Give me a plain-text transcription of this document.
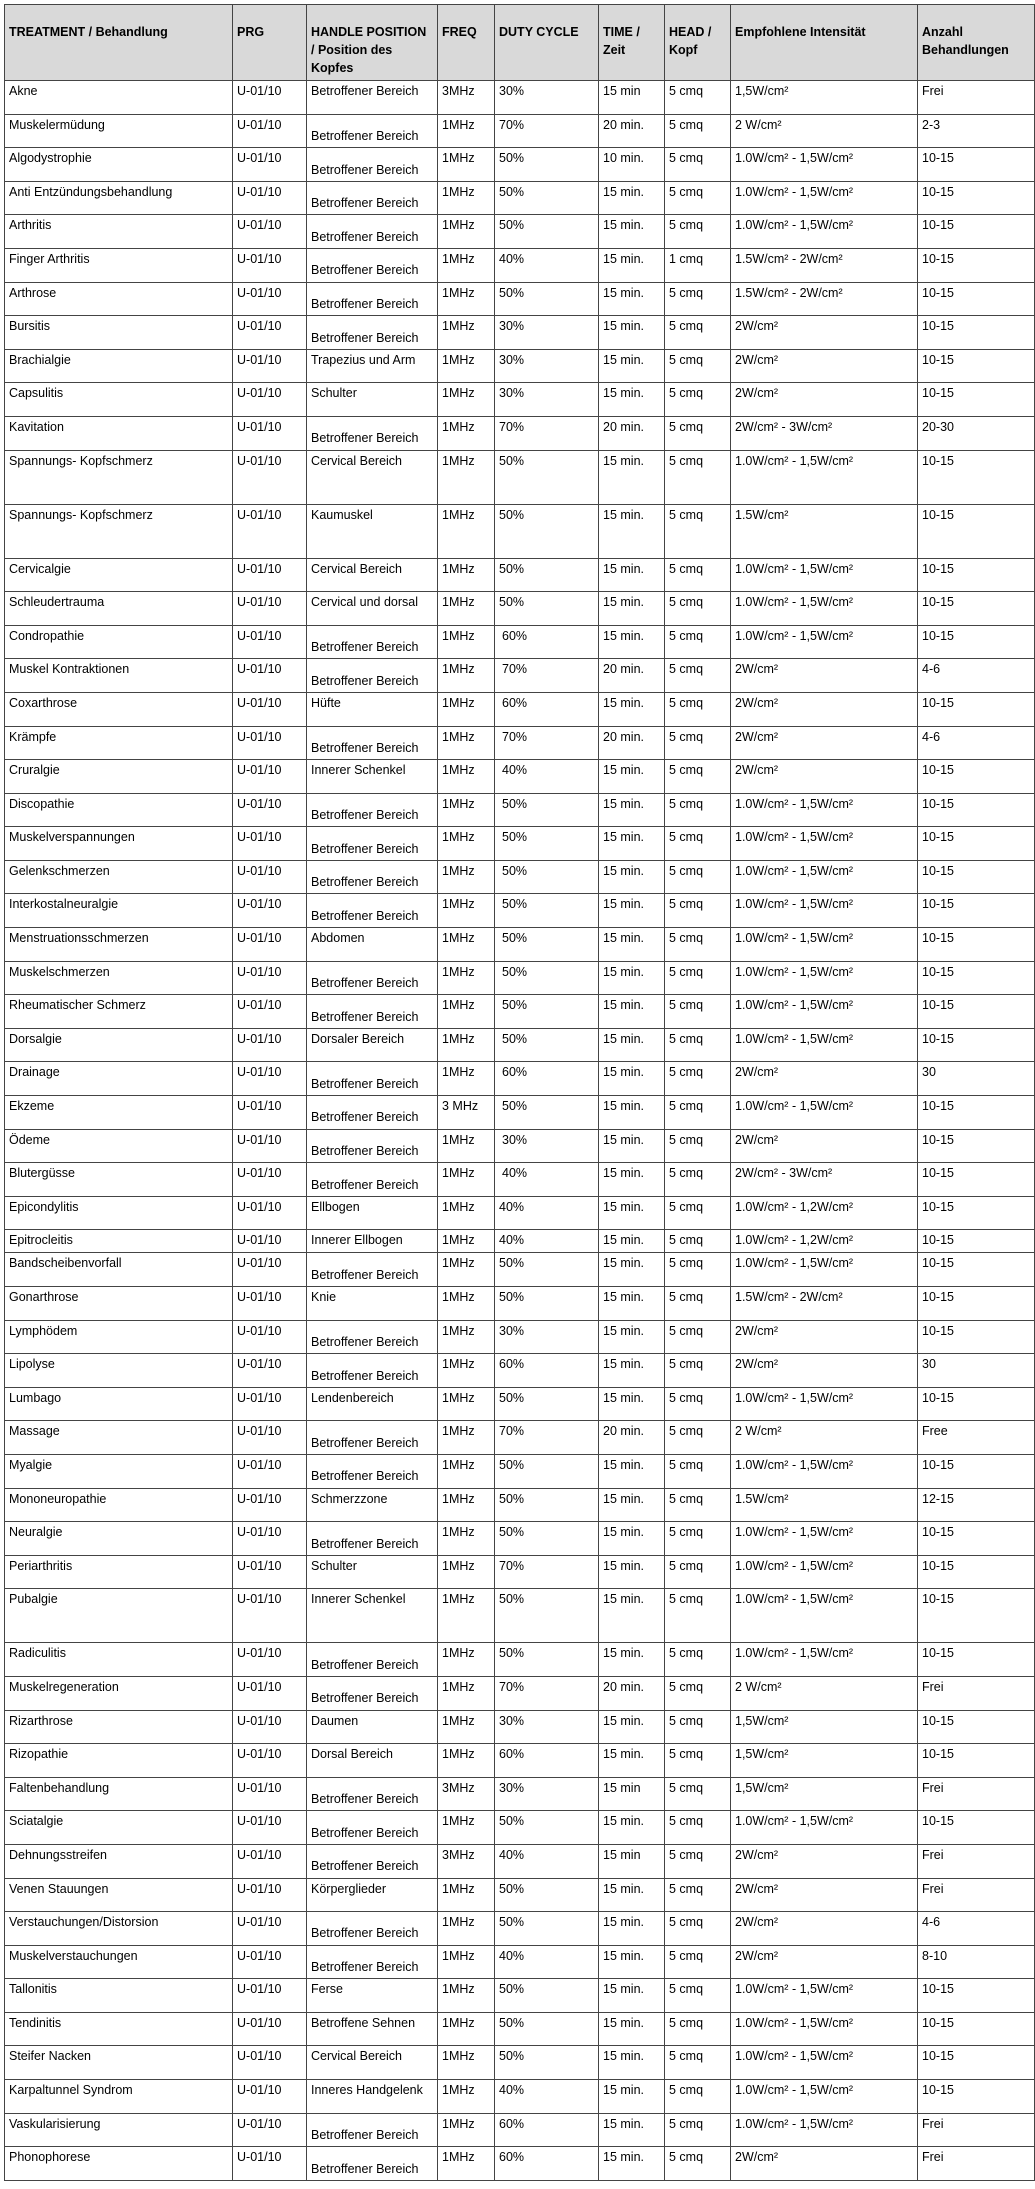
TREATMENT / Behandlung	PRG	HANDLE POSITION / Position des Kopfes	FREQ	DUTY CYCLE	TIME / Zeit	HEAD / Kopf	Empfohlene Intensität	Anzahl Behandlungen
Akne	U-01/10	Betroffener Bereich	3MHz	30%	15 min	5 cmq	1,5W/cm²	Frei
Muskelermüdung	U-01/10	Betroffener Bereich	1MHz	70%	20 min.	5 cmq	2 W/cm²	2-3
Algodystrophie	U-01/10	Betroffener Bereich	1MHz	50%	10 min.	5 cmq	1.0W/cm² - 1,5W/cm²	10-15
Anti Entzündungsbehandlung	U-01/10	Betroffener Bereich	1MHz	50%	15 min.	5 cmq	1.0W/cm² - 1,5W/cm²	10-15
Arthritis	U-01/10	Betroffener Bereich	1MHz	50%	15 min.	5 cmq	1.0W/cm² - 1,5W/cm²	10-15
Finger Arthritis	U-01/10	Betroffener Bereich	1MHz	40%	15 min.	1 cmq	1.5W/cm² - 2W/cm²	10-15
Arthrose	U-01/10	Betroffener Bereich	1MHz	50%	15 min.	5 cmq	1.5W/cm² - 2W/cm²	10-15
Bursitis	U-01/10	Betroffener Bereich	1MHz	30%	15 min.	5 cmq	2W/cm²	10-15
Brachialgie	U-01/10	Trapezius und Arm	1MHz	30%	15 min.	5 cmq	2W/cm²	10-15
Capsulitis	U-01/10	Schulter	1MHz	30%	15 min.	5 cmq	2W/cm²	10-15
Kavitation	U-01/10	Betroffener Bereich	1MHz	70%	20 min.	5 cmq	2W/cm² - 3W/cm²	20-30
Spannungs- Kopfschmerz	U-01/10	Cervical Bereich	1MHz	50%	15 min.	5 cmq	1.0W/cm² - 1,5W/cm²	10-15
Spannungs- Kopfschmerz	U-01/10	Kaumuskel	1MHz	50%	15 min.	5 cmq	1.5W/cm²	10-15
Cervicalgie	U-01/10	Cervical Bereich	1MHz	50%	15 min.	5 cmq	1.0W/cm² - 1,5W/cm²	10-15
Schleudertrauma	U-01/10	Cervical und dorsal	1MHz	50%	15 min.	5 cmq	1.0W/cm² - 1,5W/cm²	10-15
Condropathie	U-01/10	Betroffener Bereich	1MHz	60%	15 min.	5 cmq	1.0W/cm² - 1,5W/cm²	10-15
Muskel Kontraktionen	U-01/10	Betroffener Bereich	1MHz	70%	20 min.	5 cmq	2W/cm²	4-6
Coxarthrose	U-01/10	Hüfte	1MHz	60%	15 min.	5 cmq	2W/cm²	10-15
Krämpfe	U-01/10	Betroffener Bereich	1MHz	70%	20 min.	5 cmq	2W/cm²	4-6
Cruralgie	U-01/10	Innerer Schenkel	1MHz	40%	15 min.	5 cmq	2W/cm²	10-15
Discopathie	U-01/10	Betroffener Bereich	1MHz	50%	15 min.	5 cmq	1.0W/cm² - 1,5W/cm²	10-15
Muskelverspannungen	U-01/10	Betroffener Bereich	1MHz	50%	15 min.	5 cmq	1.0W/cm² - 1,5W/cm²	10-15
Gelenkschmerzen	U-01/10	Betroffener Bereich	1MHz	50%	15 min.	5 cmq	1.0W/cm² - 1,5W/cm²	10-15
Interkostalneuralgie	U-01/10	Betroffener Bereich	1MHz	50%	15 min.	5 cmq	1.0W/cm² - 1,5W/cm²	10-15
Menstruationsschmerzen	U-01/10	Abdomen	1MHz	50%	15 min.	5 cmq	1.0W/cm² - 1,5W/cm²	10-15
Muskelschmerzen	U-01/10	Betroffener Bereich	1MHz	50%	15 min.	5 cmq	1.0W/cm² - 1,5W/cm²	10-15
Rheumatischer Schmerz	U-01/10	Betroffener Bereich	1MHz	50%	15 min.	5 cmq	1.0W/cm² - 1,5W/cm²	10-15
Dorsalgie	U-01/10	Dorsaler Bereich	1MHz	50%	15 min.	5 cmq	1.0W/cm² - 1,5W/cm²	10-15
Drainage	U-01/10	Betroffener Bereich	1MHz	60%	15 min.	5 cmq	2W/cm²	30
Ekzeme	U-01/10	Betroffener Bereich	3 MHz	50%	15 min.	5 cmq	1.0W/cm² - 1,5W/cm²	10-15
Ödeme	U-01/10	Betroffener Bereich	1MHz	30%	15 min.	5 cmq	2W/cm²	10-15
Blutergüsse	U-01/10	Betroffener Bereich	1MHz	40%	15 min.	5 cmq	2W/cm² - 3W/cm²	10-15
Epicondylitis	U-01/10	Ellbogen	1MHz	40%	15 min.	5 cmq	1.0W/cm² - 1,2W/cm²	10-15
Epitrocleitis	U-01/10	Innerer Ellbogen	1MHz	40%	15 min.	5 cmq	1.0W/cm² - 1,2W/cm²	10-15
Bandscheibenvorfall	U-01/10	Betroffener Bereich	1MHz	50%	15 min.	5 cmq	1.0W/cm² - 1,5W/cm²	10-15
Gonarthrose	U-01/10	Knie	1MHz	50%	15 min.	5 cmq	1.5W/cm² - 2W/cm²	10-15
Lymphödem	U-01/10	Betroffener Bereich	1MHz	30%	15 min.	5 cmq	2W/cm²	10-15
Lipolyse	U-01/10	Betroffener Bereich	1MHz	60%	15 min.	5 cmq	2W/cm²	30
Lumbago	U-01/10	Lendenbereich	1MHz	50%	15 min.	5 cmq	1.0W/cm² - 1,5W/cm²	10-15
Massage	U-01/10	Betroffener Bereich	1MHz	70%	20 min.	5 cmq	2 W/cm²	Free
Myalgie	U-01/10	Betroffener Bereich	1MHz	50%	15 min.	5 cmq	1.0W/cm² - 1,5W/cm²	10-15
Mononeuropathie	U-01/10	Schmerzzone	1MHz	50%	15 min.	5 cmq	1.5W/cm²	12-15
Neuralgie	U-01/10	Betroffener Bereich	1MHz	50%	15 min.	5 cmq	1.0W/cm² - 1,5W/cm²	10-15
Periarthritis	U-01/10	Schulter	1MHz	70%	15 min.	5 cmq	1.0W/cm² - 1,5W/cm²	10-15
Pubalgie	U-01/10	Innerer Schenkel	1MHz	50%	15 min.	5 cmq	1.0W/cm² - 1,5W/cm²	10-15
Radiculitis	U-01/10	Betroffener Bereich	1MHz	50%	15 min.	5 cmq	1.0W/cm² - 1,5W/cm²	10-15
Muskelregeneration	U-01/10	Betroffener Bereich	1MHz	70%	20 min.	5 cmq	2 W/cm²	Frei
Rizarthrose	U-01/10	Daumen	1MHz	30%	15 min.	5 cmq	1,5W/cm²	10-15
Rizopathie	U-01/10	Dorsal Bereich	1MHz	60%	15 min.	5 cmq	1,5W/cm²	10-15
Faltenbehandlung	U-01/10	Betroffener Bereich	3MHz	30%	15 min	5 cmq	1,5W/cm²	Frei
Sciatalgie	U-01/10	Betroffener Bereich	1MHz	50%	15 min.	5 cmq	1.0W/cm² - 1,5W/cm²	10-15
Dehnungsstreifen	U-01/10	Betroffener Bereich	3MHz	40%	15 min	5 cmq	2W/cm²	Frei
Venen Stauungen	U-01/10	Körperglieder	1MHz	50%	15 min.	5 cmq	2W/cm²	Frei
Verstauchungen/Distorsion	U-01/10	Betroffener Bereich	1MHz	50%	15 min.	5 cmq	2W/cm²	4-6
Muskelverstauchungen	U-01/10	Betroffener Bereich	1MHz	40%	15 min.	5 cmq	2W/cm²	8-10
Tallonitis	U-01/10	Ferse	1MHz	50%	15 min.	5 cmq	1.0W/cm² - 1,5W/cm²	10-15
Tendinitis	U-01/10	Betroffene Sehnen	1MHz	50%	15 min.	5 cmq	1.0W/cm² - 1,5W/cm²	10-15
Steifer Nacken	U-01/10	Cervical Bereich	1MHz	50%	15 min.	5 cmq	1.0W/cm² - 1,5W/cm²	10-15
Karpaltunnel Syndrom	U-01/10	Inneres Handgelenk	1MHz	40%	15 min.	5 cmq	1.0W/cm² - 1,5W/cm²	10-15
Vaskularisierung	U-01/10	Betroffener Bereich	1MHz	60%	15 min.	5 cmq	1.0W/cm² - 1,5W/cm²	Frei
Phonophorese	U-01/10	Betroffener Bereich	1MHz	60%	15 min.	5 cmq	2W/cm²	Frei
